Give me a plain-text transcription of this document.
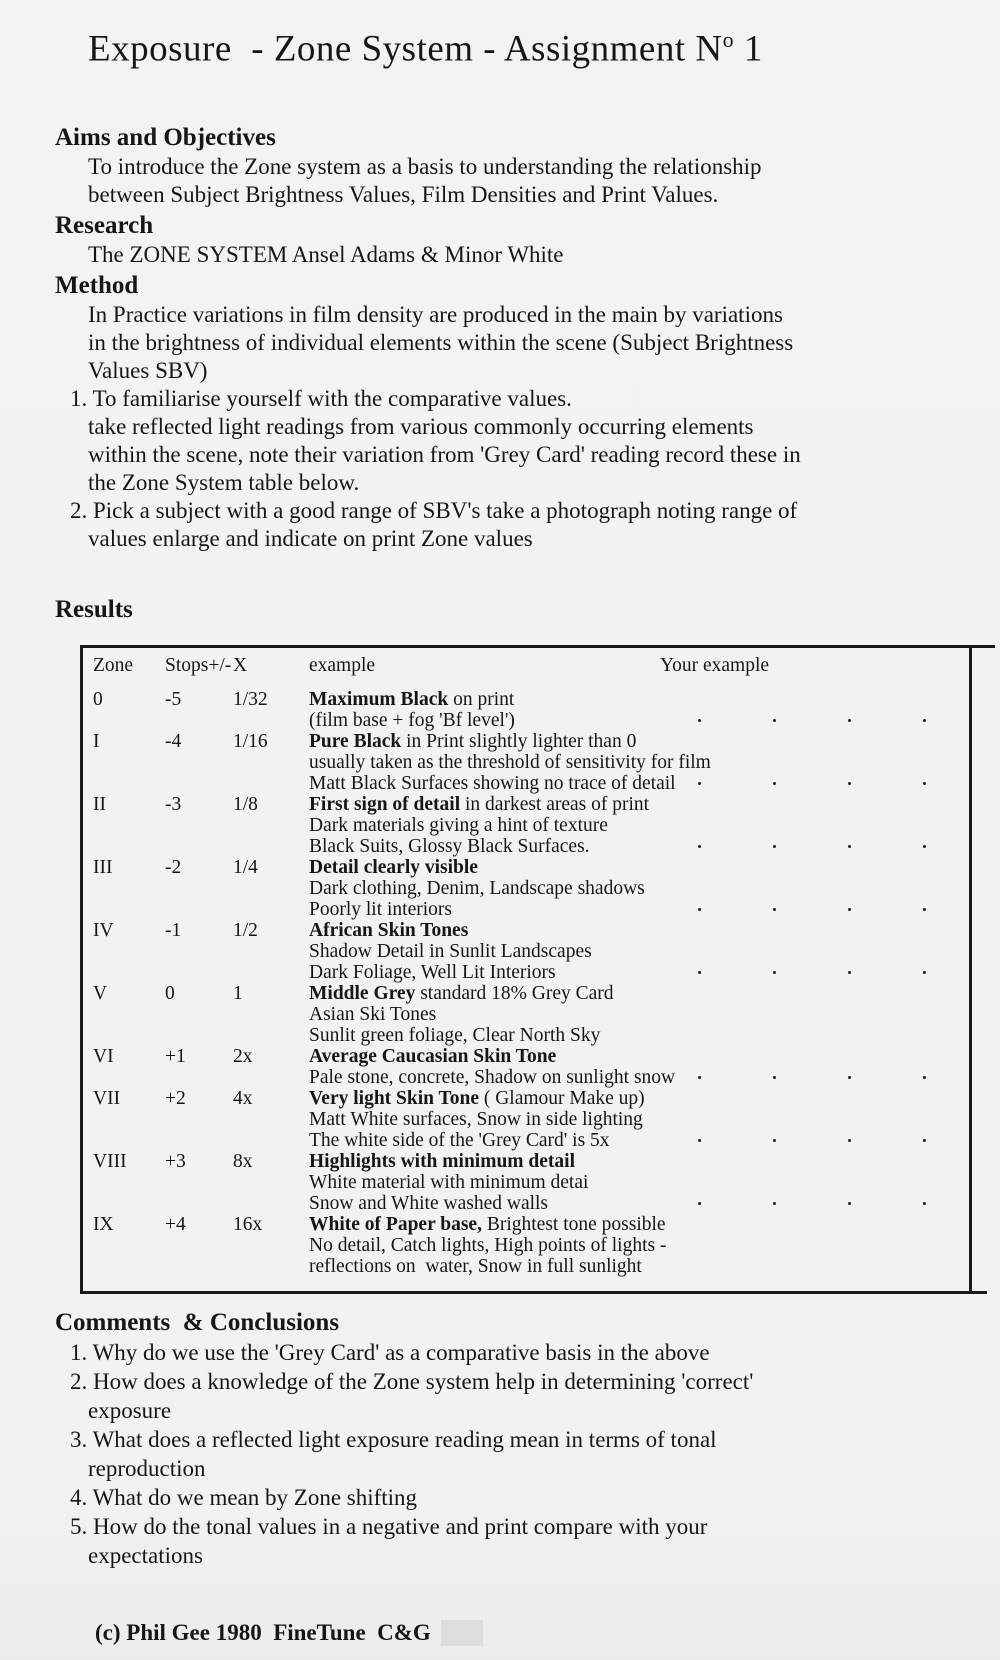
Exposure  - Zone System - Assignment $N^o$ 1
Aims and Objectives
To introduce the Zone system as a basis to understanding the relationship
between Subject Brightness Values, Film Densities and Print Values.
Research
The ZONE SYSTEM Ansel Adams & Minor White
Method
In Practice variations in film density are produced in the main by variations
in the brightness of individual elements within the scene (Subject Brightness
Values SBV)
1. To familiarise yourself with the comparative values.
take reflected light readings from various commonly occurring elements
within the scene, note their variation from 'Grey Card' reading record these in
the Zone System table below.
2. Pick a subject with a good range of SBV's take a photograph noting range of
values enlarge and indicate on print Zone values
Results
Zone	Stops+/- X	example	Your example
0	-5	1/32	Maximum Black on print
(film base + fog 'Bf level')
I	-4	1/16	Pure Black in Print slightly lighter than 0
usually taken as the threshold of sensitivity for film
Matt Black Surfaces showing no trace of detail
II	-3	1/8	First sign of detail in darkest areas of print
Dark materials giving a hint of texture
Black Suits, Glossy Black Surfaces.
III	-2	1/4	Detail clearly visible
Dark clothing, Denim, Landscape shadows
Poorly lit interiors
IV	-1	1/2	African Skin Tones
Shadow Detail in Sunlit Landscapes
Dark Foliage, Well Lit Interiors
V	0	1	Middle Grey standard 18% Grey Card
Asian Ski Tones
Sunlit green foliage, Clear North Sky
VI	+1	2x	Average Caucasian Skin Tone
Pale stone, concrete, Shadow on sunlight snow
VII	+2	4x	Very light Skin Tone ( Glamour Make up)
Matt White surfaces, Snow in side lighting
The white side of the 'Grey Card' is 5x
VIII	+3	8x	Highlights with minimum detail
White material with minimum detai
Snow and White washed walls
IX	+4	16x	White of Paper base, Brightest tone possible
No detail, Catch lights, High points of lights -
reflections on  water, Snow in full sunlight
Comments  & Conclusions
1. Why do we use the 'Grey Card' as a comparative basis in the above
2. How does a knowledge of the Zone system help in determining 'correct'
exposure
3. What does a reflected light exposure reading mean in terms of tonal
reproduction
4. What do we mean by Zone shifting
5. How do the tonal values in a negative and print compare with your
expectations
(c) Phil Gee 1980  FineTune  C&G
